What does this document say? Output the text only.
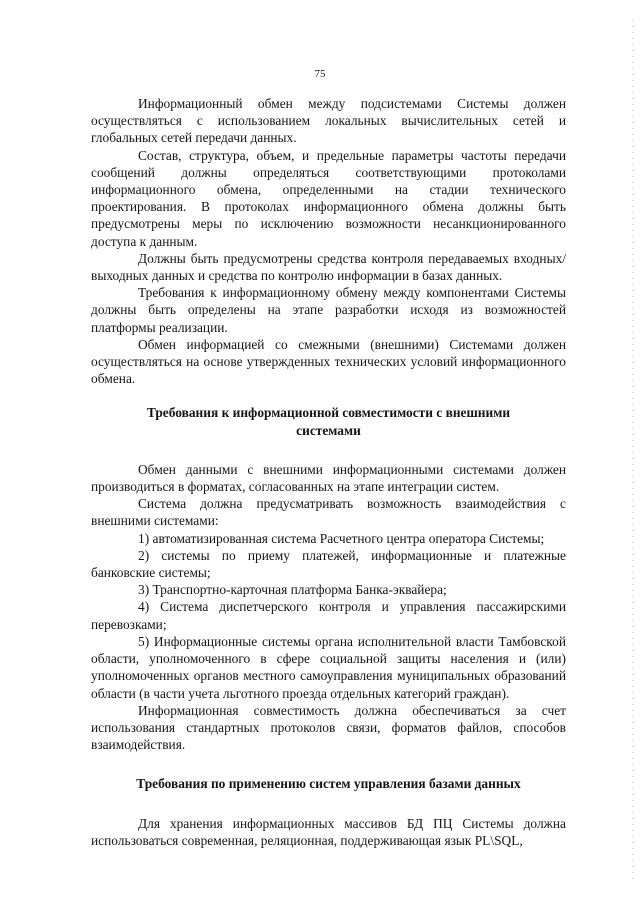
75

Информационный обмен между подсистемами Системы должен осуществляться с использованием локальных вычислительных сетей и глобальных сетей передачи данных.

Состав, структура, объем, и предельные параметры частоты передачи сообщений должны определяться соответствующими протоколами информационного обмена, определенными на стадии технического проектирования. В протоколах информационного обмена должны быть предусмотрены меры по исключению возможности несанкционированного доступа к данным.

Должны быть предусмотрены средства контроля передаваемых входных/выходных данных и средства по контролю информации в базах данных.

Требования к информационному обмену между компонентами Системы должны быть определены на этапе разработки исходя из возможностей платформы реализации.

Обмен информацией со смежными (внешними) Системами должен осуществляться на основе утвержденных технических условий информационного обмена.

Требования к информационной совместимости с внешними
системами

Обмен данными с внешними информационными системами должен производиться в форматах, согласованных на этапе интеграции систем.

Система должна предусматривать возможность взаимодействия с внешними системами:

1) автоматизированная система Расчетного центра оператора Системы;

2) системы по приему платежей, информационные и платежные банковские системы;

3) Транспортно-карточная платформа Банка-эквайера;

4) Система диспетчерского контроля и управления пассажирскими перевозками;

5) Информационные системы органа исполнительной власти Тамбовской области, уполномоченного в сфере социальной защиты населения и (или) уполномоченных органов местного самоуправления муниципальных образований области (в части учета льготного проезда отдельных категорий граждан).

Информационная совместимость должна обеспечиваться за счет использования стандартных протоколов связи, форматов файлов, способов взаимодействия.

Требования по применению систем управления базами данных

Для хранения информационных массивов БД ПЦ Системы должна использоваться современная, реляционная, поддерживающая язык PL\SQL,
